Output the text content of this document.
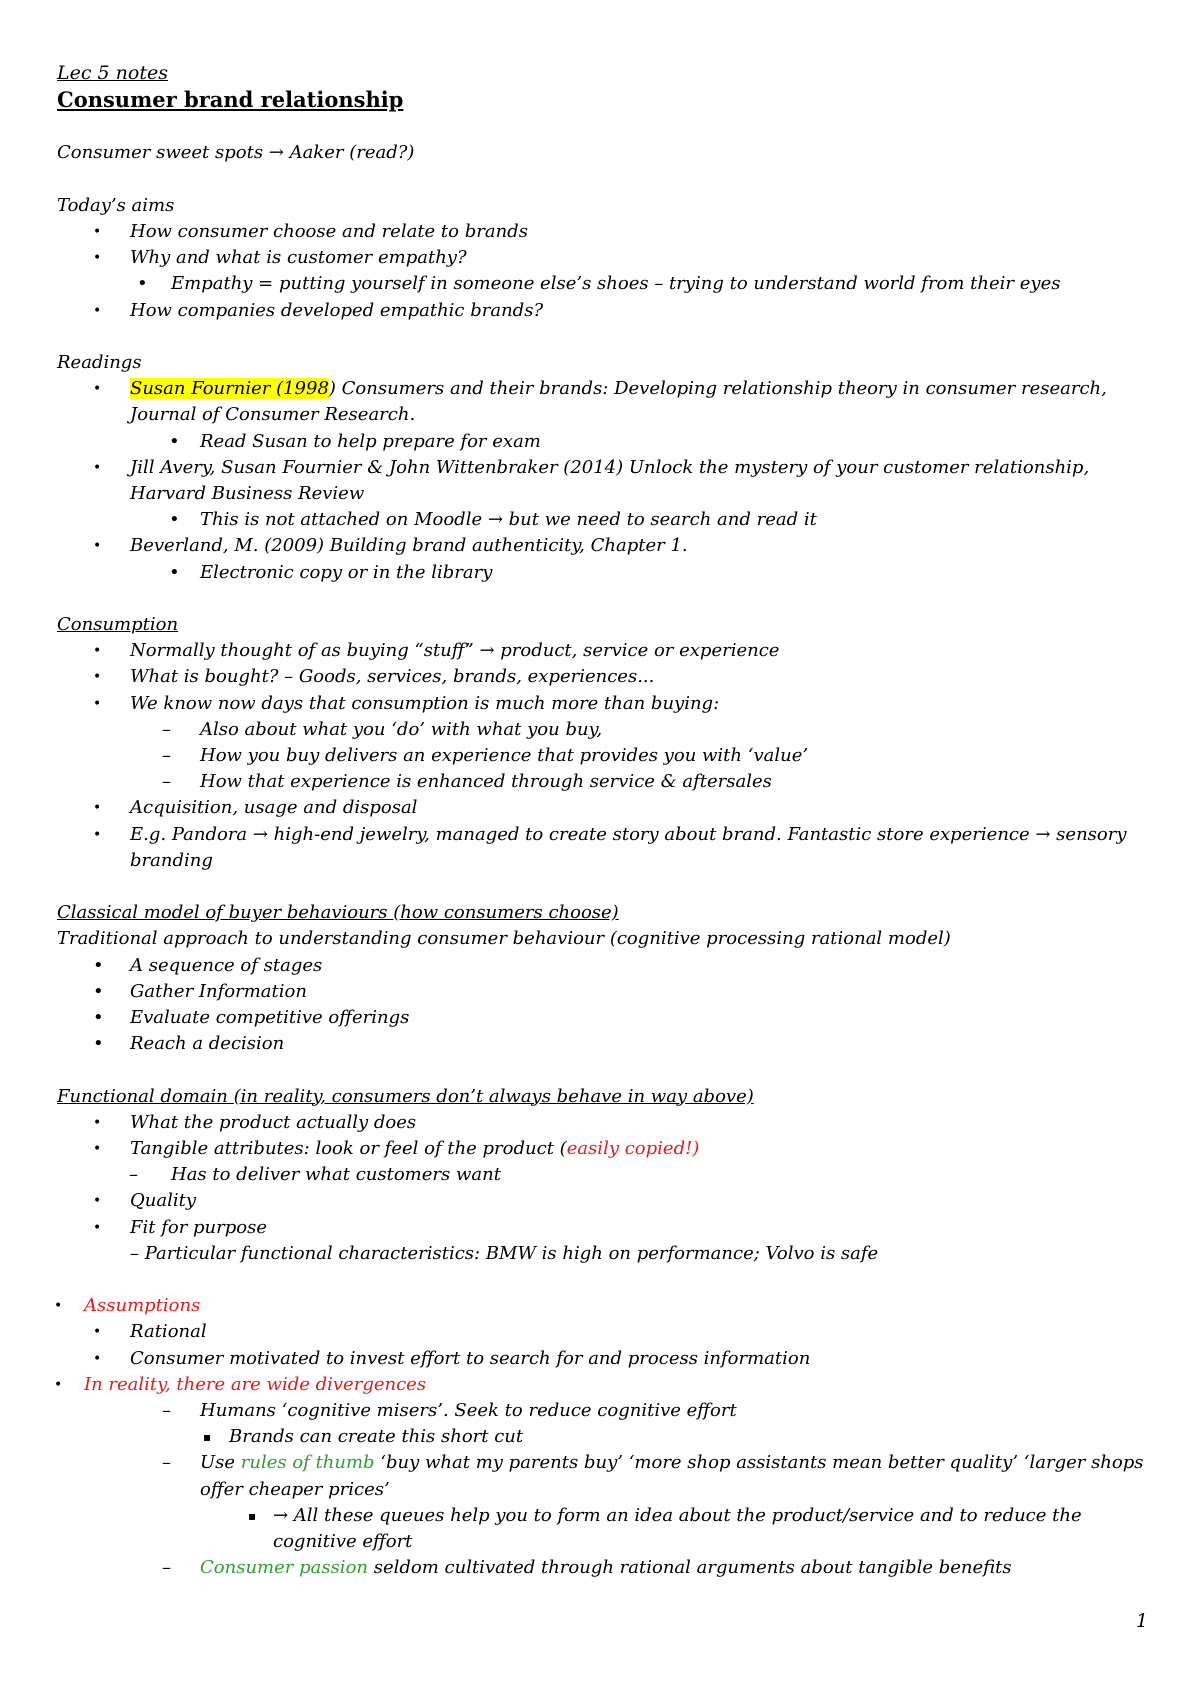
Lec 5 notes
Consumer brand relationship
Consumer sweet spots → Aaker (read?)
Today’s aims
• How consumer choose and relate to brands
• Why and what is customer empathy?
• Empathy = putting yourself in someone else’s shoes – trying to understand world from their eyes
• How companies developed empathic brands?
Readings
• Susan Fournier (1998) Consumers and their brands: Developing relationship theory in consumer research, Journal of Consumer Research.
• Read Susan to help prepare for exam
• Jill Avery, Susan Fournier & John Wittenbraker (2014) Unlock the mystery of your customer relationship, Harvard Business Review
• This is not attached on Moodle → but we need to search and read it
• Beverland, M. (2009) Building brand authenticity, Chapter 1.
• Electronic copy or in the library
Consumption
• Normally thought of as buying “stuff” → product, service or experience
• What is bought? – Goods, services, brands, experiences...
• We know now days that consumption is much more than buying:
– Also about what you ‘do’ with what you buy,
– How you buy delivers an experience that provides you with ‘value’
– How that experience is enhanced through service & aftersales
• Acquisition, usage and disposal
• E.g. Pandora → high-end jewelry, managed to create story about brand. Fantastic store experience → sensory branding
Classical model of buyer behaviours (how consumers choose)
Traditional approach to understanding consumer behaviour (cognitive processing rational model)
• A sequence of stages
• Gather Information
• Evaluate competitive offerings
• Reach a decision
Functional domain (in reality, consumers don’t always behave in way above)
• What the product actually does
• Tangible attributes: look or feel of the product (easily copied!)
– Has to deliver what customers want
• Quality
• Fit for purpose
– Particular functional characteristics: BMW is high on performance; Volvo is safe
• Assumptions
• Rational
• Consumer motivated to invest effort to search for and process information
• In reality, there are wide divergences
– Humans ‘cognitive misers’. Seek to reduce cognitive effort
▪ Brands can create this short cut
– Use rules of thumb ‘buy what my parents buy’ ‘more shop assistants mean better quality’ ‘larger shops offer cheaper prices’
▪ → All these queues help you to form an idea about the product/service and to reduce the cognitive effort
– Consumer passion seldom cultivated through rational arguments about tangible benefits
1
